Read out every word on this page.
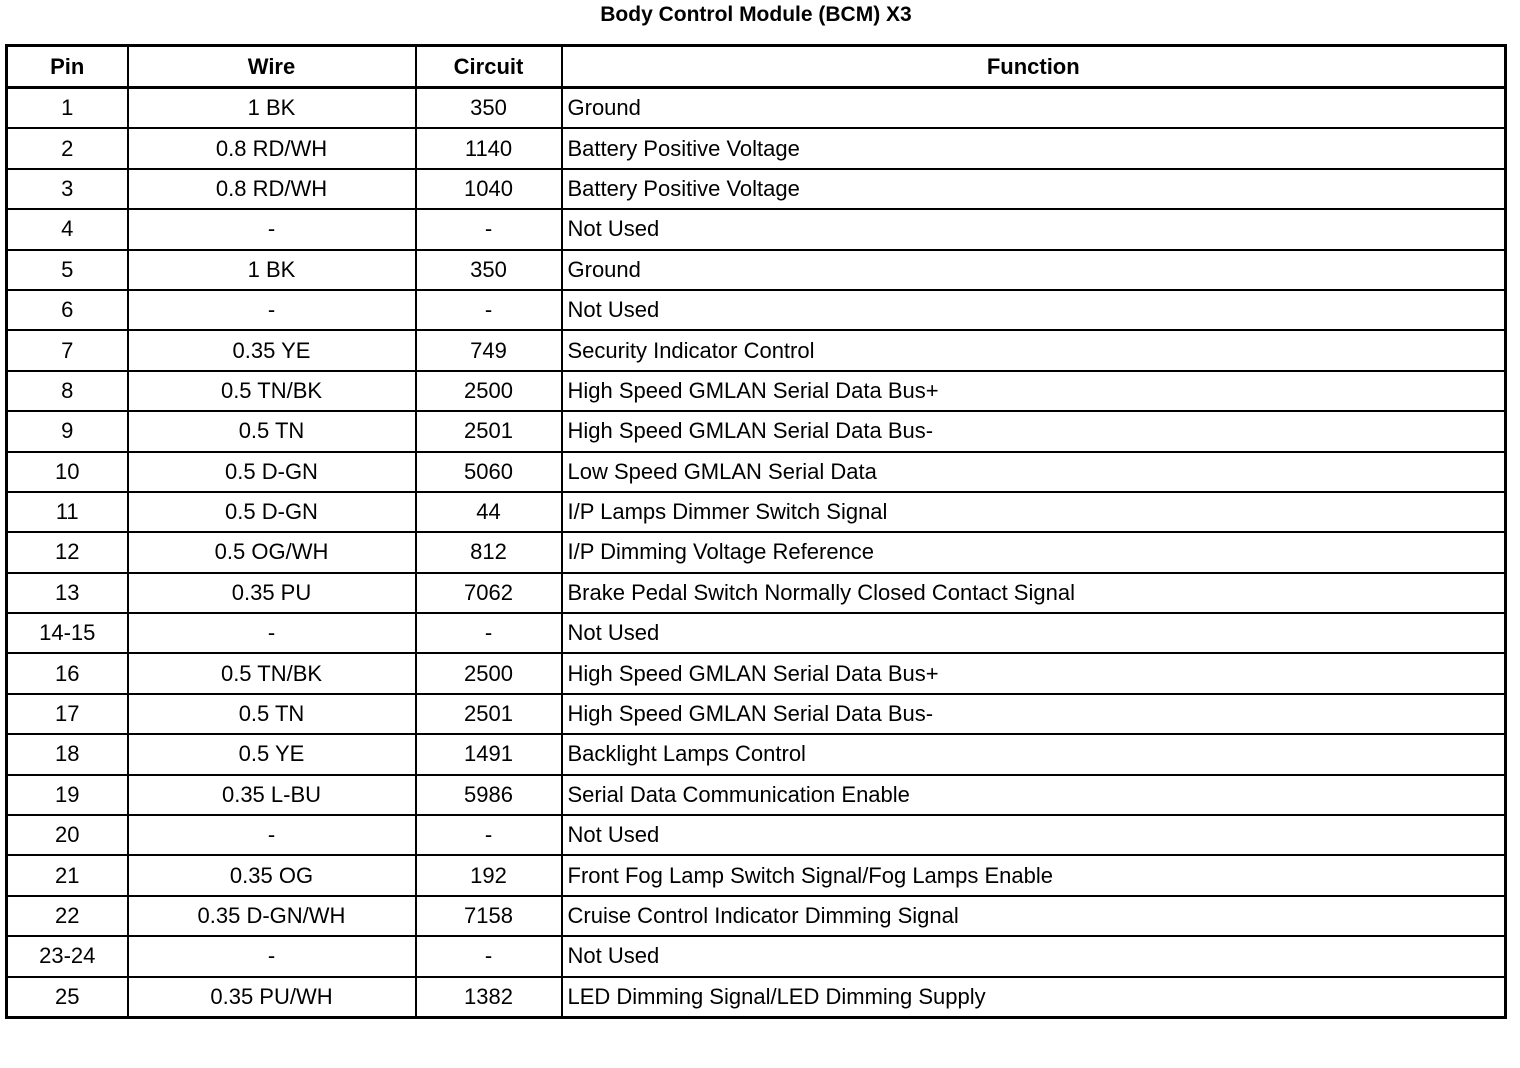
Body Control Module (BCM) X3
Pin	Wire	Circuit	Function
1	1 BK	350	Ground
2	0.8 RD/WH	1140	Battery Positive Voltage
3	0.8 RD/WH	1040	Battery Positive Voltage
4	-	-	Not Used
5	1 BK	350	Ground
6	-	-	Not Used
7	0.35 YE	749	Security Indicator Control
8	0.5 TN/BK	2500	High Speed GMLAN Serial Data Bus+
9	0.5 TN	2501	High Speed GMLAN Serial Data Bus-
10	0.5 D-GN	5060	Low Speed GMLAN Serial Data
11	0.5 D-GN	44	I/P Lamps Dimmer Switch Signal
12	0.5 OG/WH	812	I/P Dimming Voltage Reference
13	0.35 PU	7062	Brake Pedal Switch Normally Closed Contact Signal
14-15	-	-	Not Used
16	0.5 TN/BK	2500	High Speed GMLAN Serial Data Bus+
17	0.5 TN	2501	High Speed GMLAN Serial Data Bus-
18	0.5 YE	1491	Backlight Lamps Control
19	0.35 L-BU	5986	Serial Data Communication Enable
20	-	-	Not Used
21	0.35 OG	192	Front Fog Lamp Switch Signal/Fog Lamps Enable
22	0.35 D-GN/WH	7158	Cruise Control Indicator Dimming Signal
23-24	-	-	Not Used
25	0.35 PU/WH	1382	LED Dimming Signal/LED Dimming Supply
